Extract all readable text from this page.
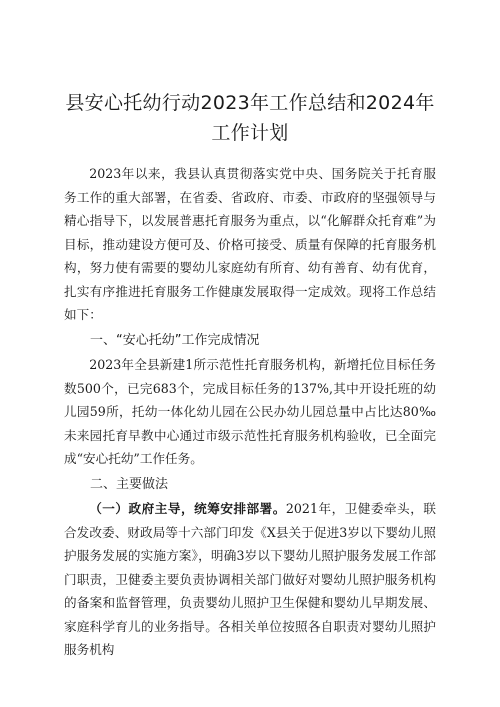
县安心托幼行动2023年工作总结和2024年
工作计划

2023年以来，我县认真贯彻落实党中央、国务院关于托育服务工作的重大部署，在省委、省政府、市委、市政府的坚强领导与精心指导下，以发展普惠托育服务为重点，以“化解群众托育难”为目标，推动建设方便可及、价格可接受、质量有保障的托育服务机构，努力使有需要的婴幼儿家庭幼有所育、幼有善育、幼有优育，扎实有序推进托育服务工作健康发展取得一定成效。现将工作总结如下：

一、“安心托幼”工作完成情况

2023年全县新建1所示范性托育服务机构，新增托位目标任务数500个，已完683个，完成目标任务的137%,其中开设托班的幼儿园59所，托幼一体化幼儿园在公民办幼儿园总量中占比达80‰未来园托育早教中心通过市级示范性托育服务机构验收，已全面完成“安心托幼”工作任务。

二、主要做法

（一）政府主导，统筹安排部署。2021年，卫健委牵头，联合发改委、财政局等十六部门印发《X县关于促进3岁以下婴幼儿照护服务发展的实施方案》，明确3岁以下婴幼儿照护服务发展工作部门职责，卫健委主要负责协调相关部门做好对婴幼儿照护服务机构的备案和监督管理，负责婴幼儿照护卫生保健和婴幼儿早期发展、家庭科学育儿的业务指导。各相关单位按照各自职责对婴幼儿照护服务机构
